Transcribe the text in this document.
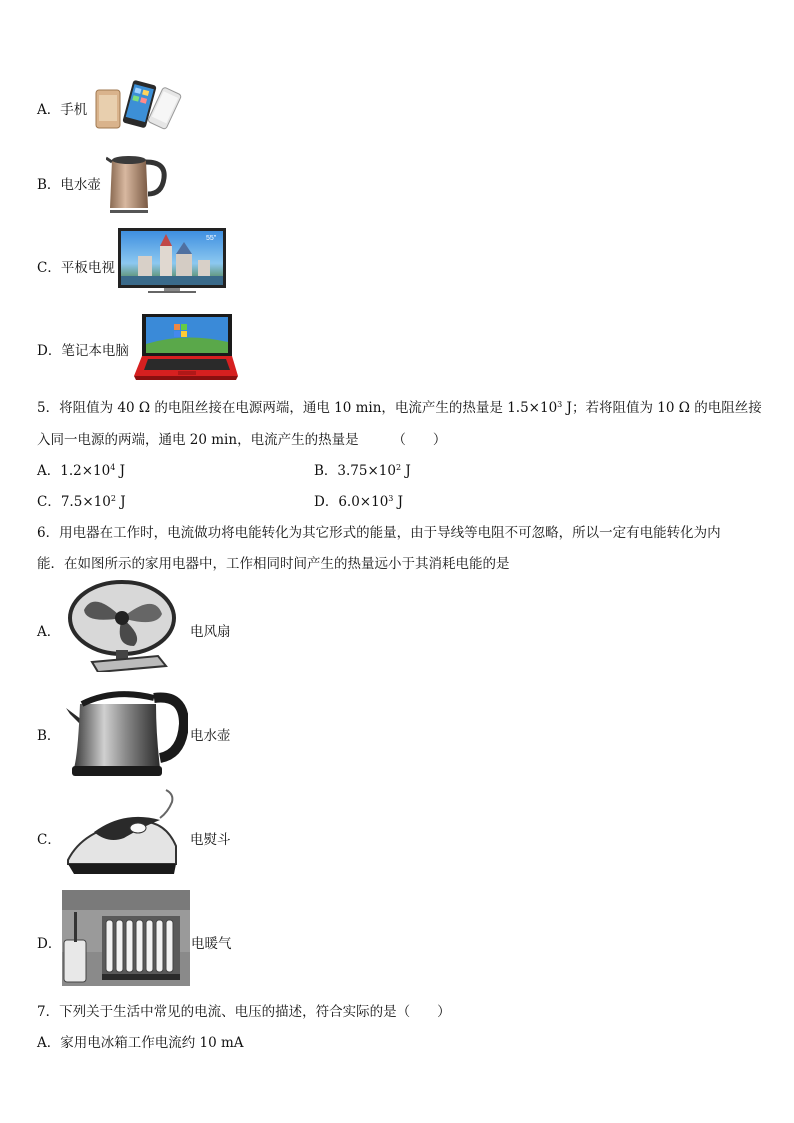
A．手机
B．电水壶
C．平板电视
55"
D．笔记本电脑
5．将阻值为 40 Ω 的电阻丝接在电源两端，通电 10 min，电流产生的热量是 $1.5\times 10^3$ J；若将阻值为 10 Ω 的电阻丝接
入同一电源的两端，通电 20 min，电流产生的热量是　　　（　　）
A．$1.2\times 10^4$ J	B．$3.75\times 10^2$ J
C．$7.5\times 10^2$ J	D．$6.0\times 10^3$ J
6．用电器在工作时，电流做功将电能转化为其它形式的能量，由于导线等电阻不可忽略，所以一定有电能转化为内
能．在如图所示的家用电器中，工作相同时间产生的热量远小于其消耗电能的是
A．	电风扇
B．	电水壶
C．	电熨斗
D．	电暖气
7．下列关于生活中常见的电流、电压的描述，符合实际的是（　　）
A．家用电冰箱工作电流约 10 mA
